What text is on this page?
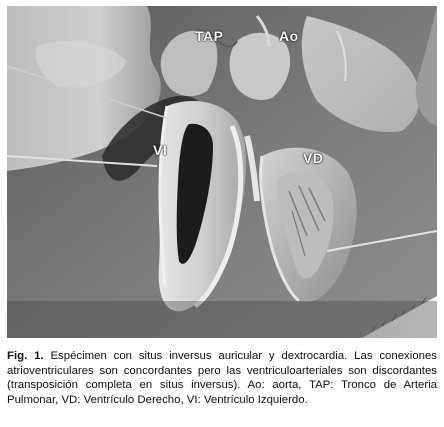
TAP	Ao
VI	VD
Fig. 1. Espécimen con situs inversus auricular y dextrocardia. Las conexiones atrioventriculares son concordantes pero las ventriculoarteriales son discordantes (transposición completa en situs inversus). Ao: aorta, TAP: Tronco de Arteria Pulmonar, VD: Ventrículo Derecho, VI: Ventrículo Izquierdo.
